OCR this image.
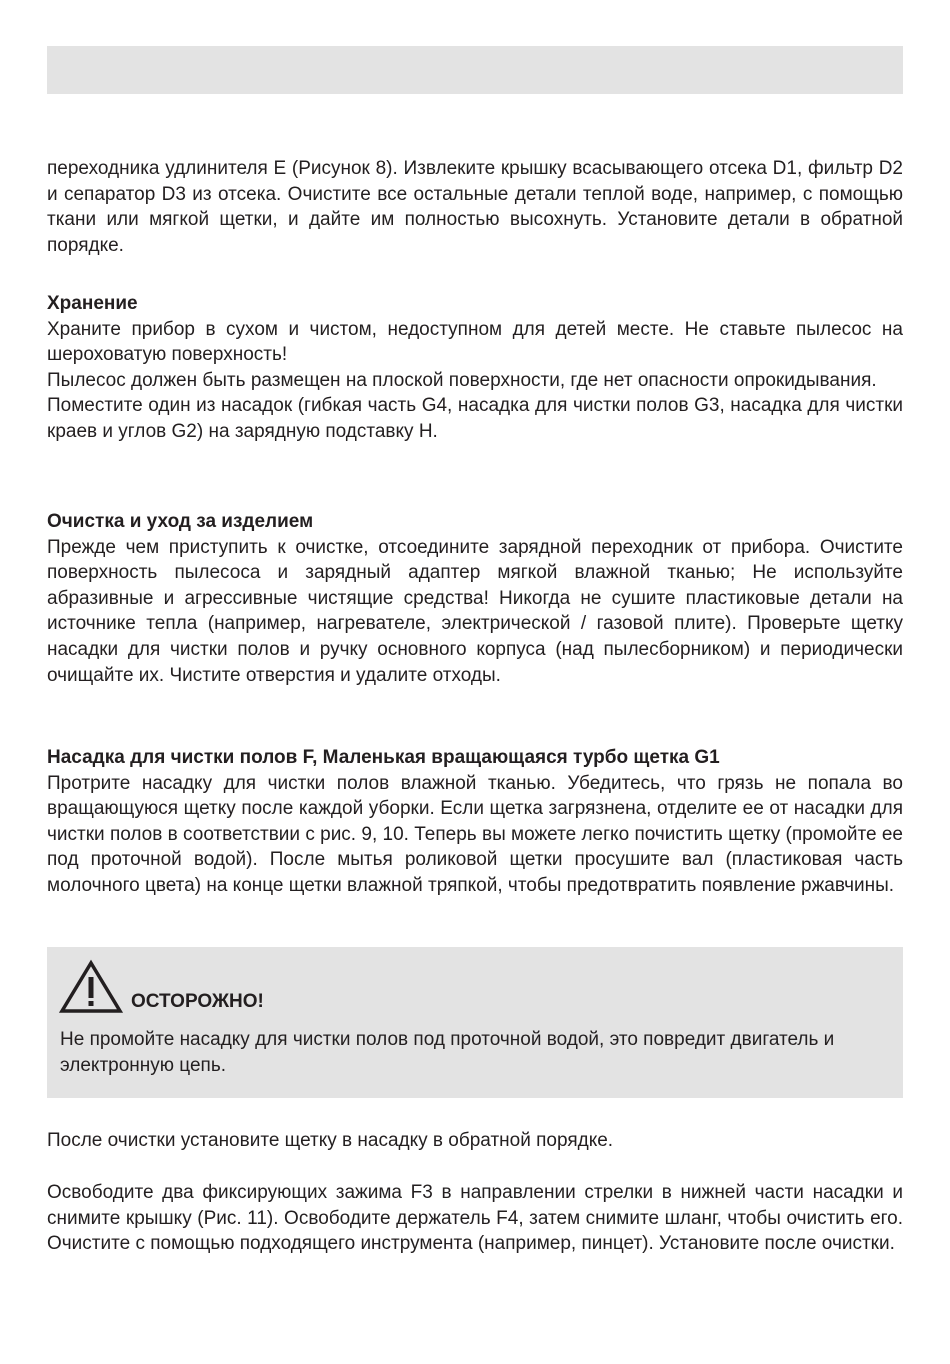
переходника удлинителя E (Рисунок 8). Извлеките крышку всасывающего отсека D1, фильтр D2 и сепаратор D3 из отсека. Очистите все остальные детали теплой воде, например, с помощью ткани или мягкой щетки, и дайте им полностью высохнуть. Установите детали в обратной порядке.

Хранение

Храните прибор в сухом и чистом, недоступном для детей месте. Не ставьте пылесос на шероховатую поверхность!

Пылесос должен быть размещен на плоской поверхности, где нет опасности опрокидывания.

Поместите один из насадок (гибкая часть G4, насадка для чистки полов G3, насадка для чистки краев и углов G2) на зарядную подставку H.

Очистка и уход за изделием

Прежде чем приступить к очистке, отсоедините зарядной переходник от прибора. Очистите поверхность пылесоса и зарядный адаптер мягкой влажной тканью; Не используйте абразивные и агрессивные чистящие средства! Никогда не сушите пластиковые детали на источнике тепла (например, нагревателе, электрической / газовой плите). Проверьте щетку насадки для чистки полов и ручку основного корпуса (над пылесборником) и периодически очищайте их. Чистите отверстия и удалите отходы.

Насадка для чистки полов F, Маленькая вращающаяся турбо щетка G1

Протрите насадку для чистки полов влажной тканью. Убедитесь, что грязь не попала во вращающуюся щетку после каждой уборки. Если щетка загрязнена, отделите ее от насадки для чистки полов в соответствии с рис. 9, 10. Теперь вы можете легко почистить щетку (промойте ее под проточной водой). После мытья роликовой щетки просушите вал (пластиковая часть молочного цвета) на конце щетки влажной тряпкой, чтобы предотвратить появление ржавчины.

ОСТОРОЖНО!

Не промойте насадку для чистки полов под проточной водой, это повредит двигатель и электронную цепь.

После очистки установите щетку в насадку в обратной порядке.

Освободите два фиксирующих зажима F3 в направлении стрелки в нижней части насадки и снимите крышку (Рис. 11). Освободите держатель F4, затем снимите шланг, чтобы очистить его. Очистите с помощью подходящего инструмента (например, пинцет). Установите после очистки.
